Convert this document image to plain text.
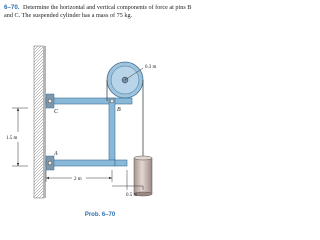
6–70. Determine the horizontal and vertical components of force at pins B and C. The suspended cylinder has a mass of 75 kg.
C	B
A
0.3 m
1.5 m
2 m
0.5 m
Prob. 6–70
